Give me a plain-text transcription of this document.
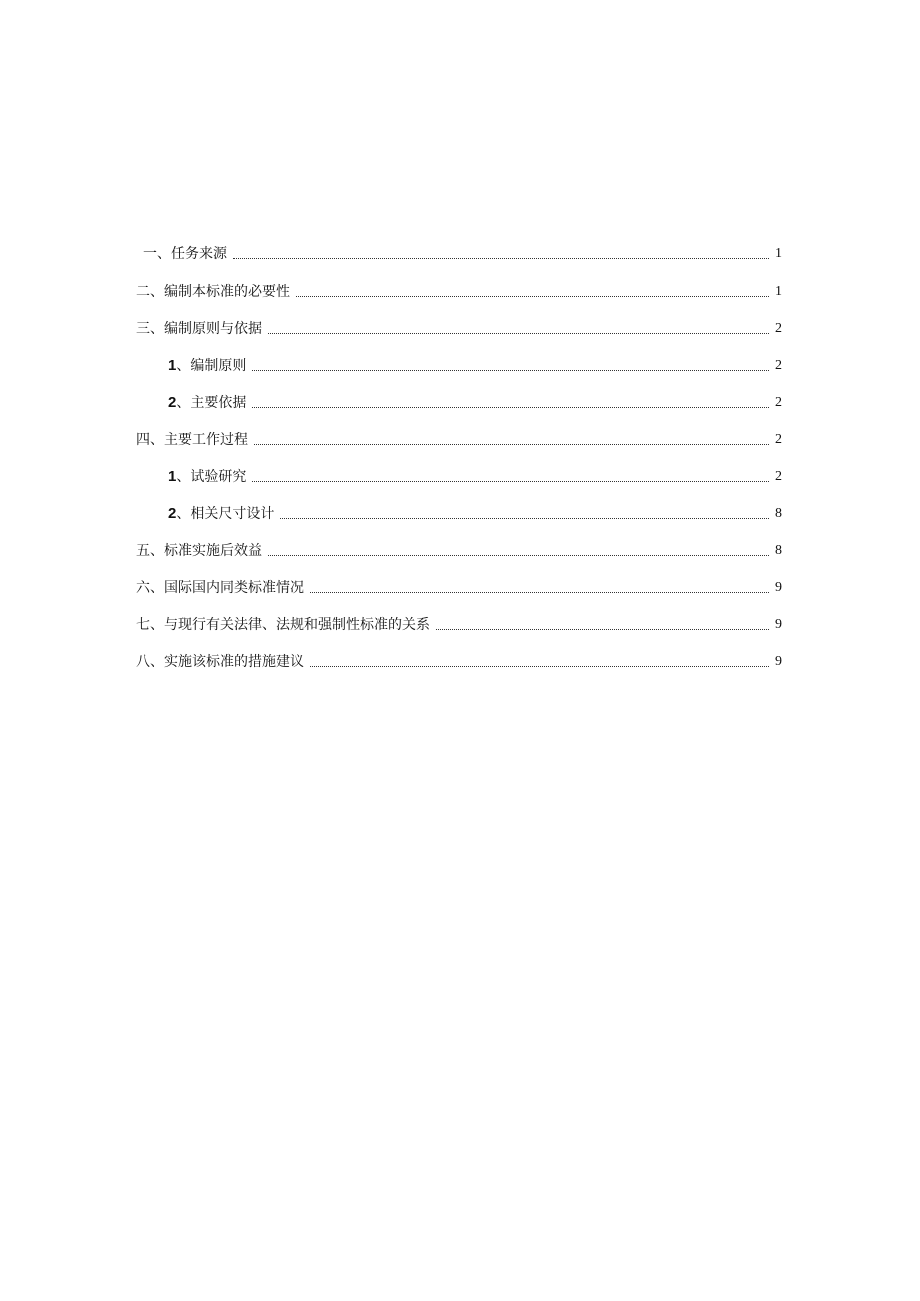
一、任务来源	1
二、编制本标准的必要性	1
三、编制原则与依据	2
1 、编制原则	2
2 、主要依据	2
四、主要工作过程	2
1 、试验研究	2
2 、相关尺寸设计	8
五、标准实施后效益	8
六、国际国内同类标准情况	9
七、与现行有关法律、法规和强制性标准的关系	9
八、实施该标准的措施建议	9
